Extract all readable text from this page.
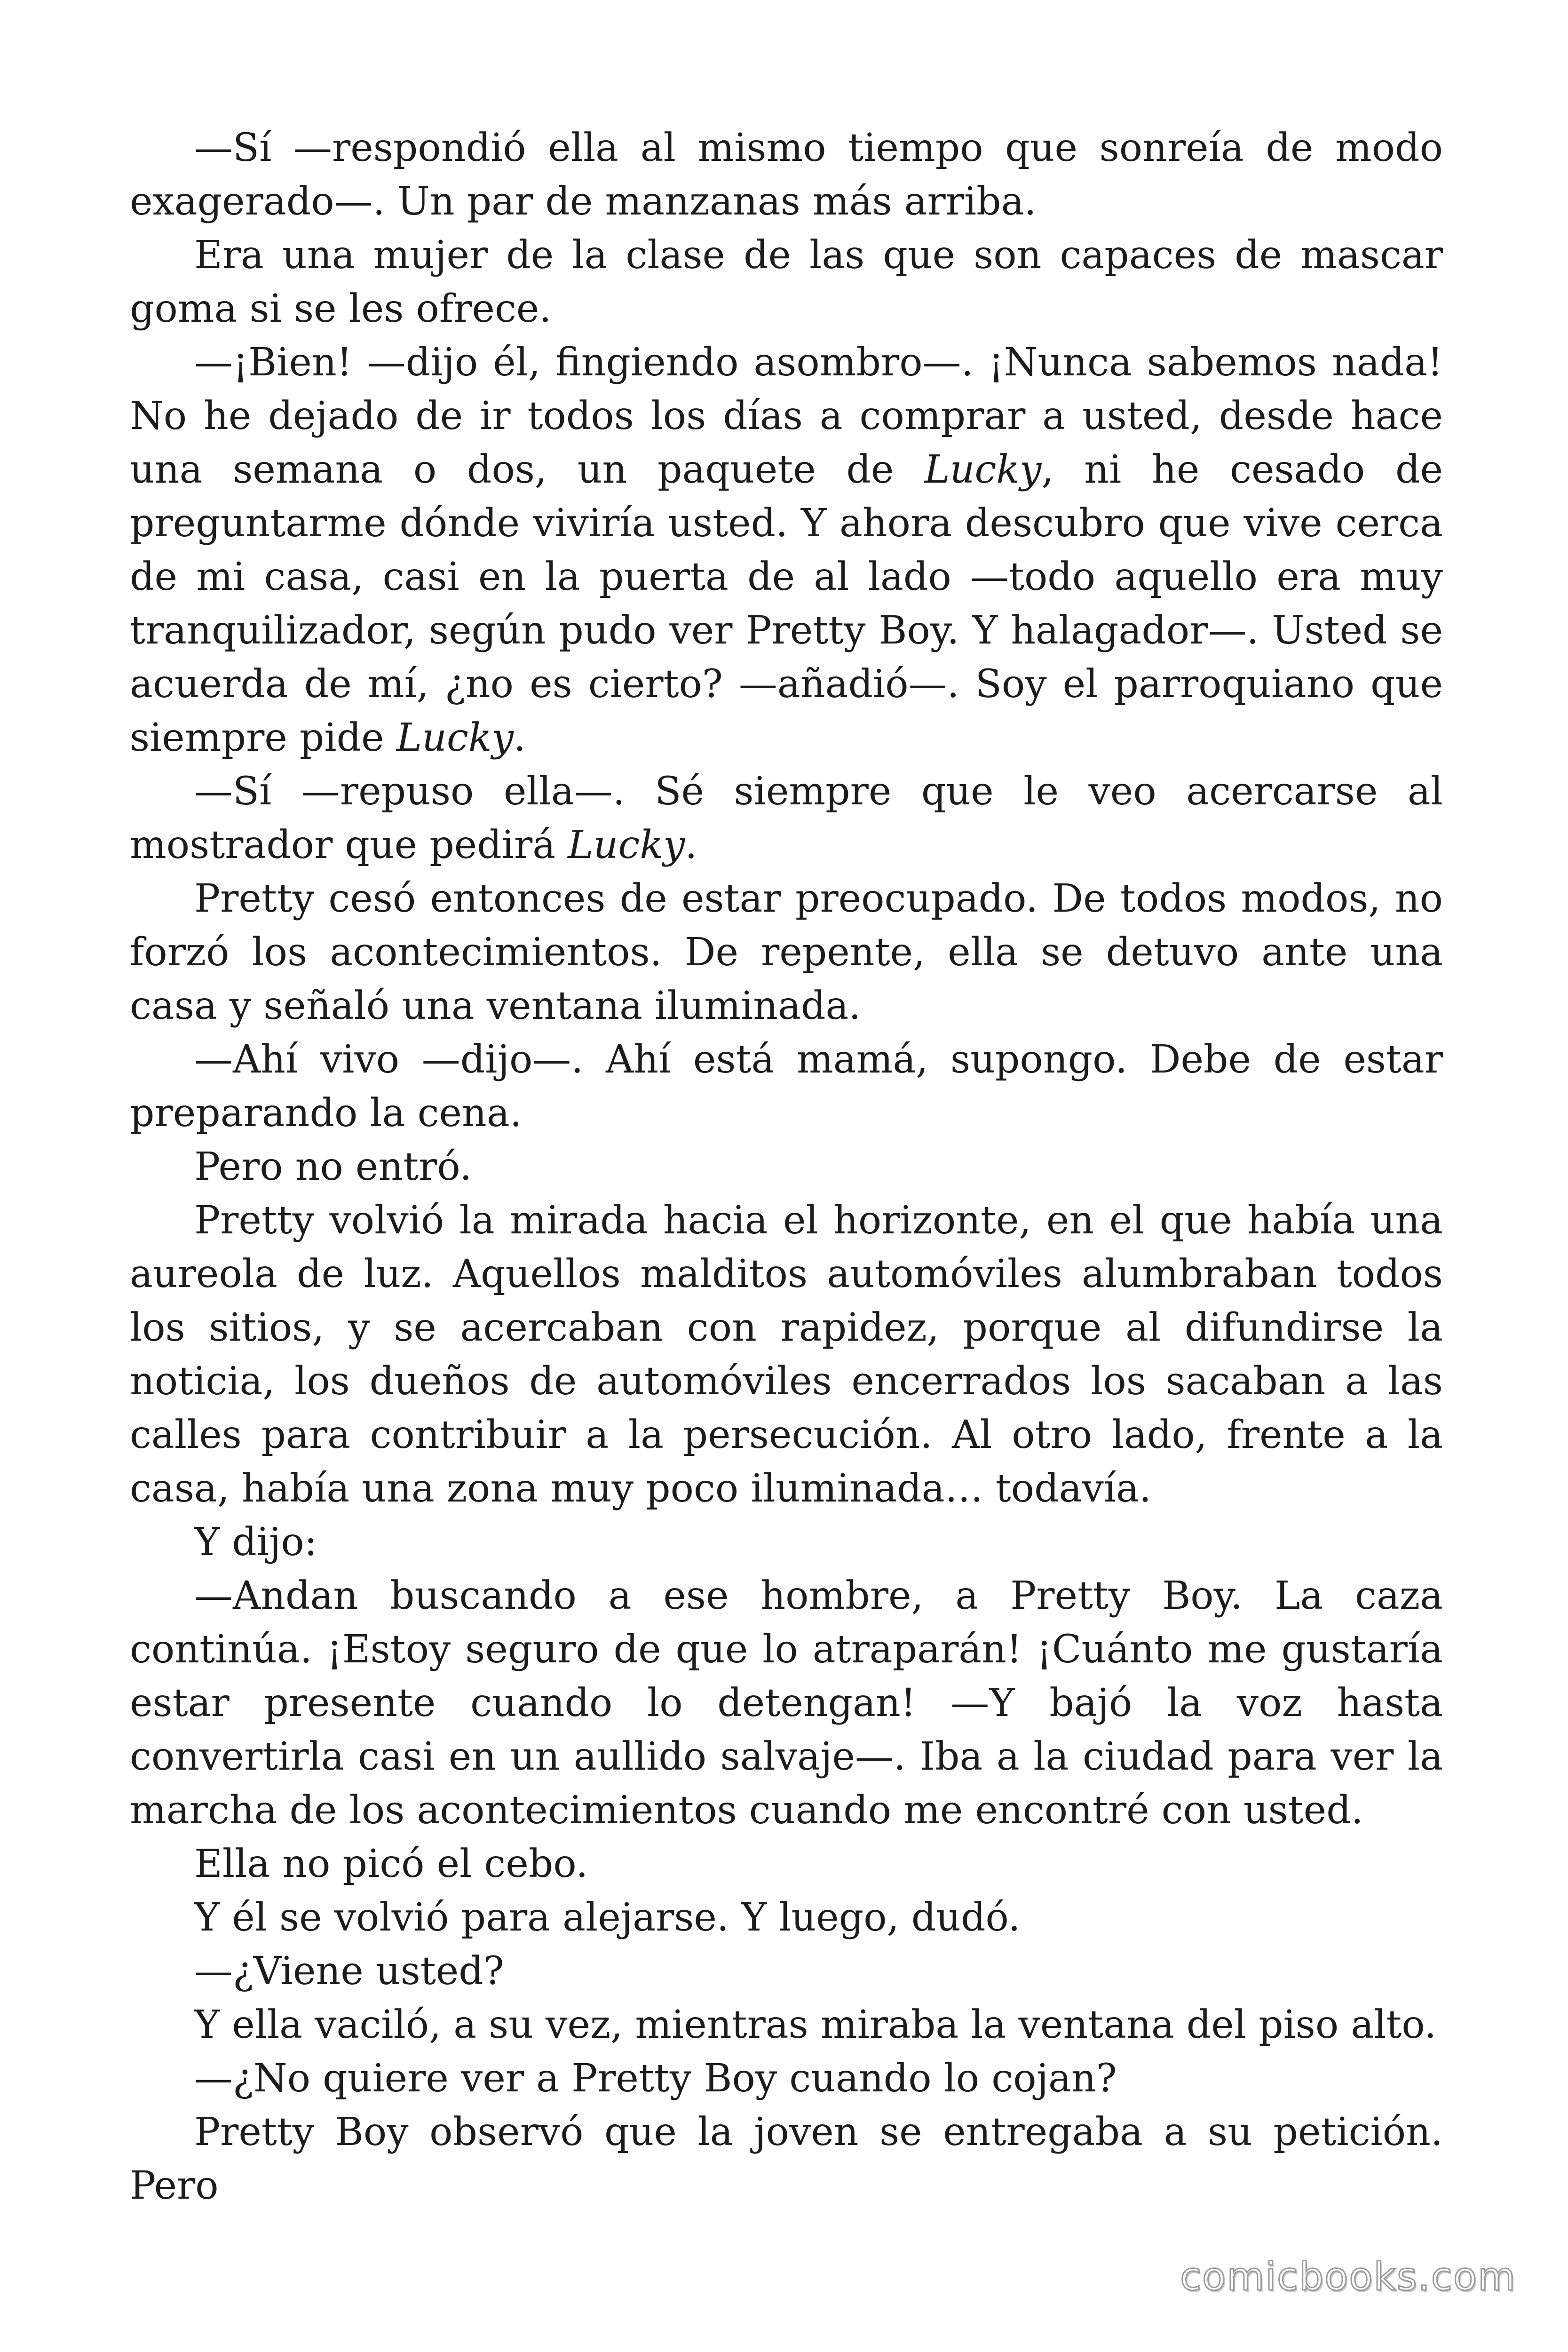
—Sí —respondió ella al mismo tiempo que sonreía de modo exagerado—. Un par de manzanas más arriba.

Era una mujer de la clase de las que son capaces de mascar goma si se les ofrece.

—¡Bien! —dijo él, fingiendo asombro—. ¡Nunca sabemos nada! No he dejado de ir todos los días a comprar a usted, desde hace una semana o dos, un paquete de Lucky, ni he cesado de preguntarme dónde viviría usted. Y ahora descubro que vive cerca de mi casa, casi en la puerta de al lado —todo aquello era muy tranquilizador, según pudo ver Pretty Boy. Y halagador—. Usted se acuerda de mí, ¿no es cierto? —añadió—. Soy el parroquiano que siempre pide Lucky.

—Sí —repuso ella—. Sé siempre que le veo acercarse al mostrador que pedirá Lucky.

Pretty cesó entonces de estar preocupado. De todos modos, no forzó los acontecimientos. De repente, ella se detuvo ante una casa y señaló una ventana iluminada.

—Ahí vivo —dijo—. Ahí está mamá, supongo. Debe de estar preparando la cena.

Pero no entró.

Pretty volvió la mirada hacia el horizonte, en el que había una aureola de luz. Aquellos malditos automóviles alumbraban todos los sitios, y se acercaban con rapidez, porque al difundirse la noticia, los dueños de automóviles encerrados los sacaban a las calles para contribuir a la persecución. Al otro lado, frente a la casa, había una zona muy poco iluminada… todavía.

Y dijo:

—Andan buscando a ese hombre, a Pretty Boy. La caza continúa. ¡Estoy seguro de que lo atraparán! ¡Cuánto me gustaría estar presente cuando lo detengan! —Y bajó la voz hasta convertirla casi en un aullido salvaje—. Iba a la ciudad para ver la marcha de los acontecimientos cuando me encontré con usted.

Ella no picó el cebo.

Y él se volvió para alejarse. Y luego, dudó.

—¿Viene usted?

Y ella vaciló, a su vez, mientras miraba la ventana del piso alto.

—¿No quiere ver a Pretty Boy cuando lo cojan?

Pretty Boy observó que la joven se entregaba a su petición. Pero

comicbooks.com
